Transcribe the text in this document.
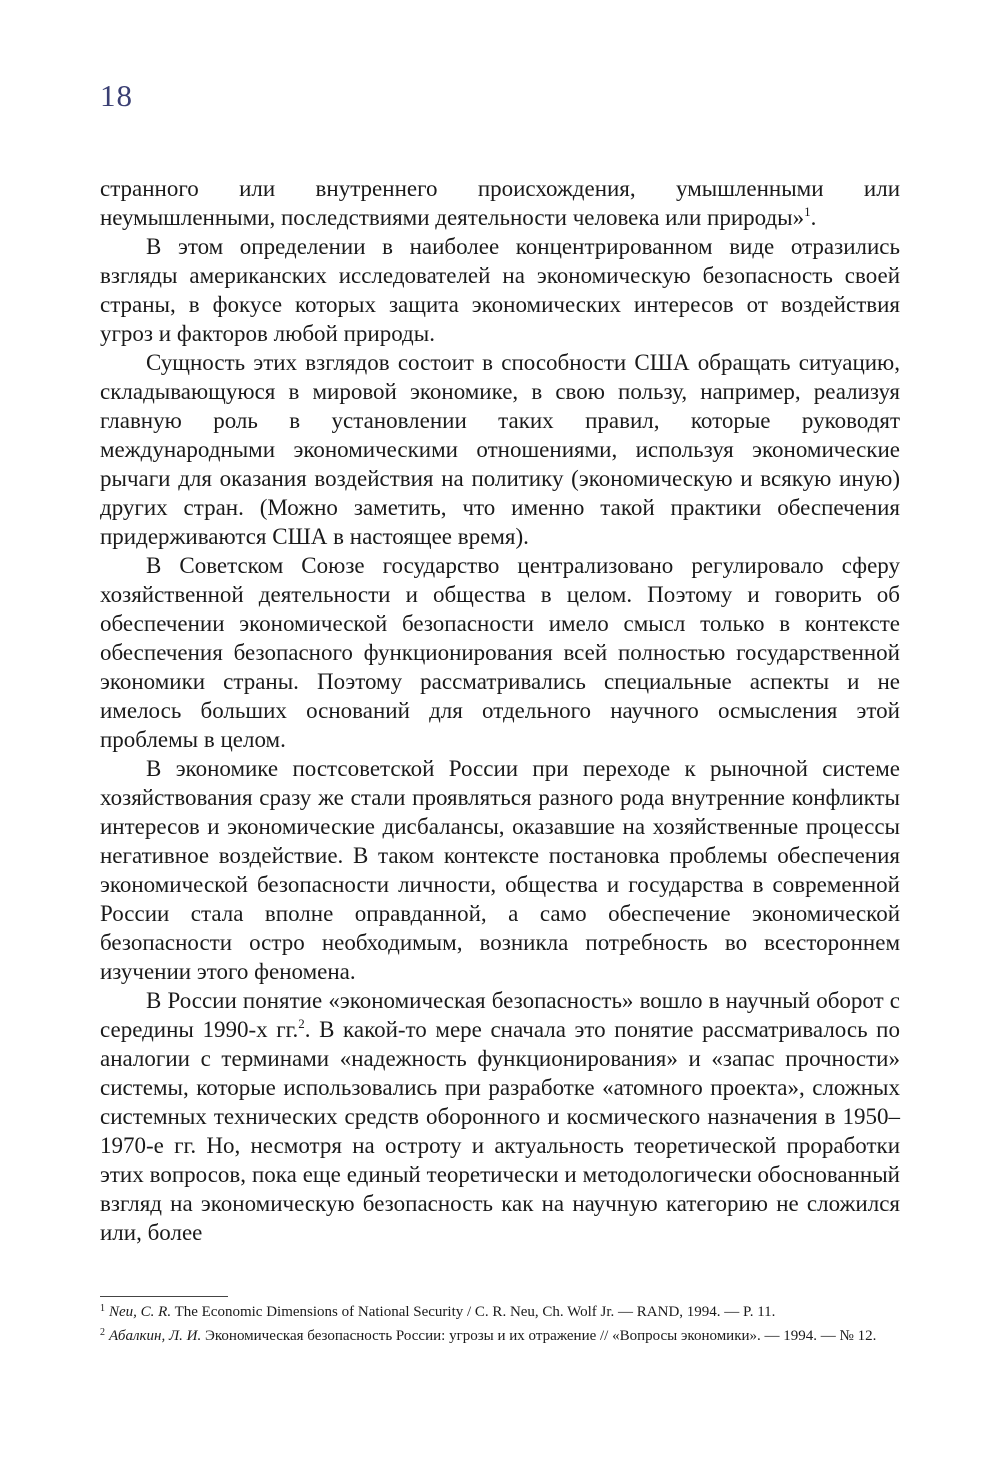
18

странного или внутреннего происхождения, умышленными или неумышленными, последствиями деятельности человека или природы»$^1$.

В этом определении в наиболее концентрированном виде отразились взгляды американских исследователей на экономическую безопасность своей страны, в фокусе которых защита экономических интересов от воздействия угроз и факторов любой природы.

Сущность этих взглядов состоит в способности США обращать ситуацию, складывающуюся в мировой экономике, в свою пользу, например, реализуя главную роль в установлении таких правил, которые руководят международными экономическими отношениями, используя экономические рычаги для оказания воздействия на политику (экономическую и всякую иную) других стран. (Можно заметить, что именно такой практики обеспечения придерживаются США в настоящее время).

В Советском Союзе государство централизовано регулировало сферу хозяйственной деятельности и общества в целом. Поэтому и говорить об обеспечении экономической безопасности имело смысл только в контексте обеспечения безопасного функционирования всей полностью государственной экономики страны. Поэтому рассматривались специальные аспекты и не имелось больших оснований для отдельного научного осмысления этой проблемы в целом.

В экономике постсоветской России при переходе к рыночной системе хозяйствования сразу же стали проявляться разного рода внутренние конфликты интересов и экономические дисбалансы, оказавшие на хозяйственные процессы негативное воздействие. В таком контексте постановка проблемы обеспечения экономической безопасности личности, общества и государства в современной России стала вполне оправданной, а само обеспечение экономической безопасности остро необходимым, возникла потребность во всестороннем изучении этого феномена.

В России понятие «экономическая безопасность» вошло в научный оборот с середины 1990-х гг.$^2$. В какой-то мере сначала это понятие рассматривалось по аналогии с терминами «надежность функционирования» и «запас прочности» системы, которые использовались при разработке «атомного проекта», сложных системных технических средств оборонного и космического назначения в 1950–1970-е гг. Но, несмотря на остроту и актуальность теоретической проработки этих вопросов, пока еще единый теоретически и методологически обоснованный взгляд на экономическую безопасность как на научную категорию не сложился или, более

$^1$ Neu, C. R. The Economic Dimensions of National Security / C. R. Neu, Ch. Wolf Jr. — RAND, 1994. — P. 11.

$^2$ Абалкин, Л. И. Экономическая безопасность России: угрозы и их отражение // «Вопросы экономики». — 1994. — № 12.
